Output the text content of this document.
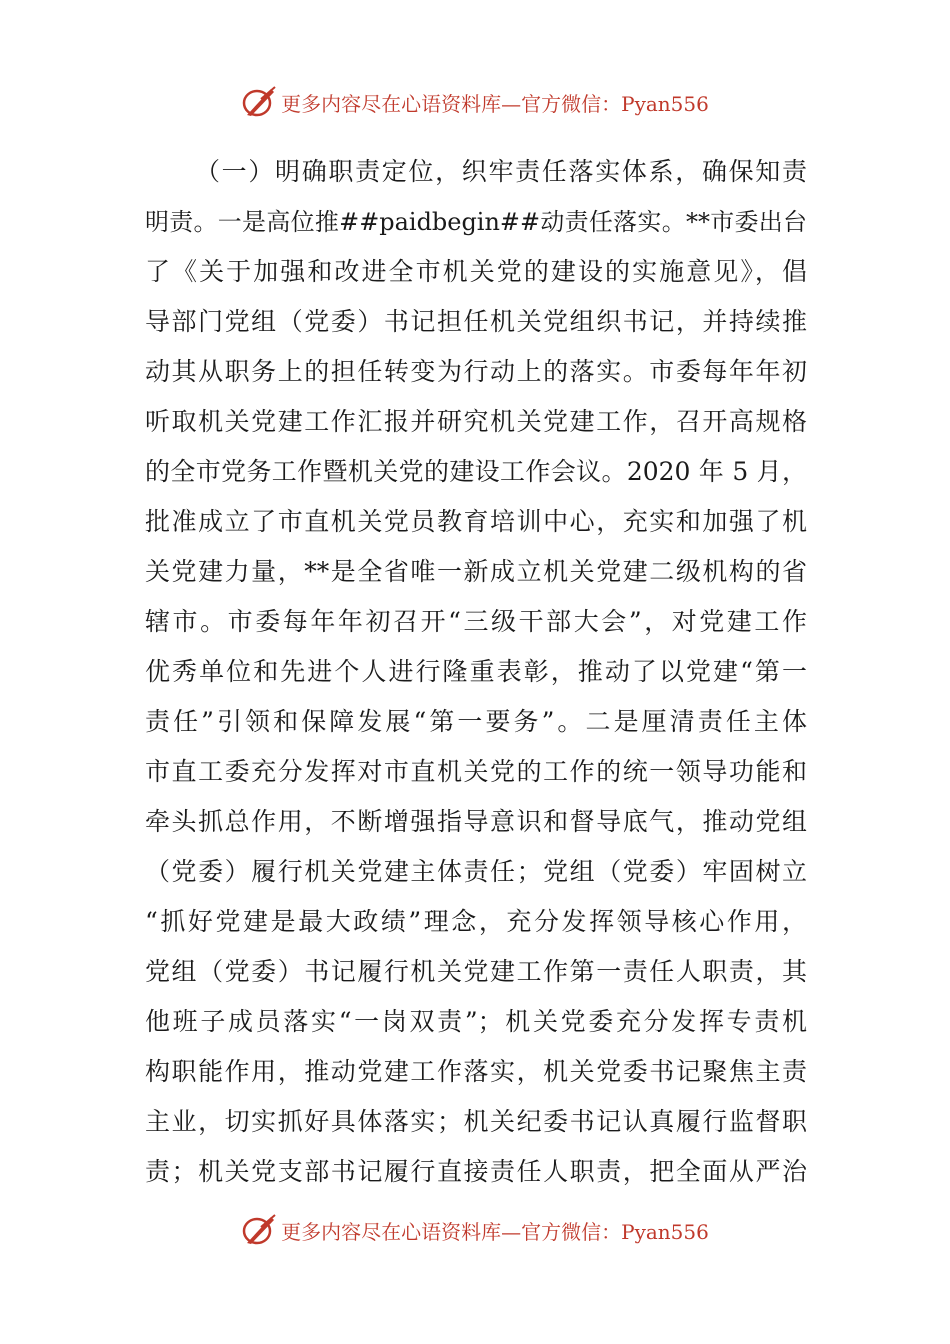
更多内容尽在心语资料库—官方微信：Pyan556
（一）明确职责定位，织牢责任落实体系，确保知责
明责。一是高位推##paidbegin##动责任落实。**市委出台
了《关于加强和改进全市机关党的建设的实施意见》，倡
导部门党组（党委）书记担任机关党组织书记，并持续推
动其从职务上的担任转变为行动上的落实。市委每年年初
听取机关党建工作汇报并研究机关党建工作，召开高规格
的全市党务工作暨机关党的建设工作会议。2020 年 5 月，
批准成立了市直机关党员教育培训中心，充实和加强了机
关党建力量，**是全省唯一新成立机关党建二级机构的省
辖市。市委每年年初召开“三级干部大会”，对党建工作
优秀单位和先进个人进行隆重表彰，推动了以党建“第一
责任”引领和保障发展“第一要务”。二是厘清责任主体
市直工委充分发挥对市直机关党的工作的统一领导功能和
牵头抓总作用，不断增强指导意识和督导底气，推动党组
（党委）履行机关党建主体责任；党组（党委）牢固树立
“抓好党建是最大政绩”理念，充分发挥领导核心作用，
党组（党委）书记履行机关党建工作第一责任人职责，其
他班子成员落实“一岗双责”；机关党委充分发挥专责机
构职能作用，推动党建工作落实，机关党委书记聚焦主责
主业，切实抓好具体落实；机关纪委书记认真履行监督职
责；机关党支部书记履行直接责任人职责，把全面从严治
更多内容尽在心语资料库—官方微信：Pyan556
